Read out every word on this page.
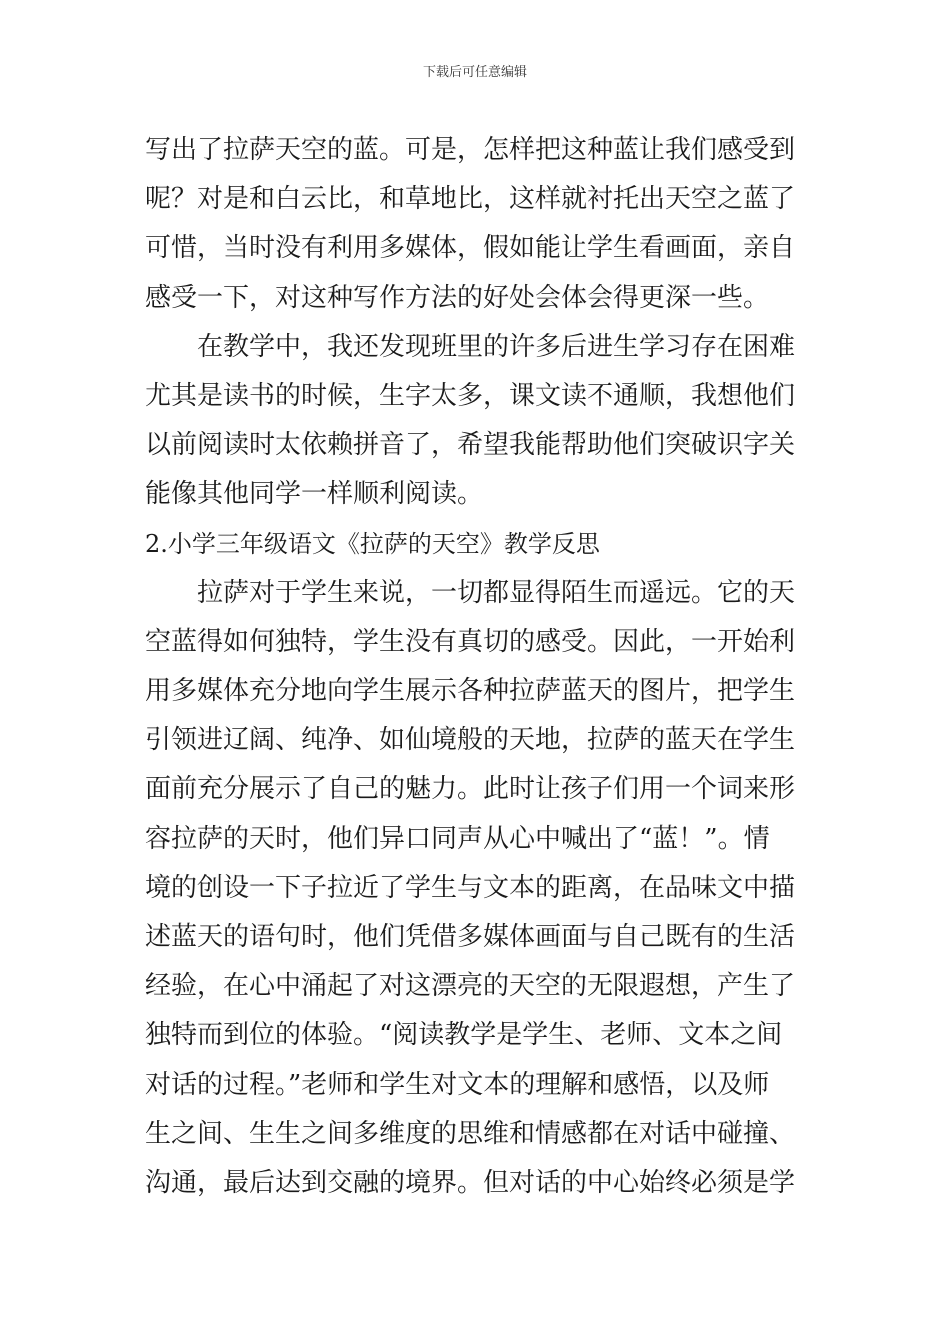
下载后可任意编辑
写出了拉萨天空的蓝。可是，怎样把这种蓝让我们感受到
呢？对是和白云比，和草地比，这样就衬托出天空之蓝了
可惜，当时没有利用多媒体，假如能让学生看画面，亲自
感受一下，对这种写作方法的好处会体会得更深一些。
在教学中，我还发现班里的许多后进生学习存在困难
尤其是读书的时候，生字太多，课文读不通顺，我想他们
以前阅读时太依赖拼音了，希望我能帮助他们突破识字关
能像其他同学一样顺利阅读。
2.小学三年级语文《拉萨的天空》教学反思
拉萨对于学生来说，一切都显得陌生而遥远。它的天
空蓝得如何独特，学生没有真切的感受。因此，一开始利
用多媒体充分地向学生展示各种拉萨蓝天的图片，把学生
引领进辽阔、纯净、如仙境般的天地，拉萨的蓝天在学生
面前充分展示了自己的魅力。此时让孩子们用一个词来形
容拉萨的天时，他们异口同声从心中喊出了“蓝！”。情
境的创设一下子拉近了学生与文本的距离，在品味文中描
述蓝天的语句时，他们凭借多媒体画面与自己既有的生活
经验，在心中涌起了对这漂亮的天空的无限遐想，产生了
独特而到位的体验。“阅读教学是学生、老师、文本之间
对话的过程。”老师和学生对文本的理解和感悟，以及师
生之间、生生之间多维度的思维和情感都在对话中碰撞、
沟通，最后达到交融的境界。但对话的中心始终必须是学
